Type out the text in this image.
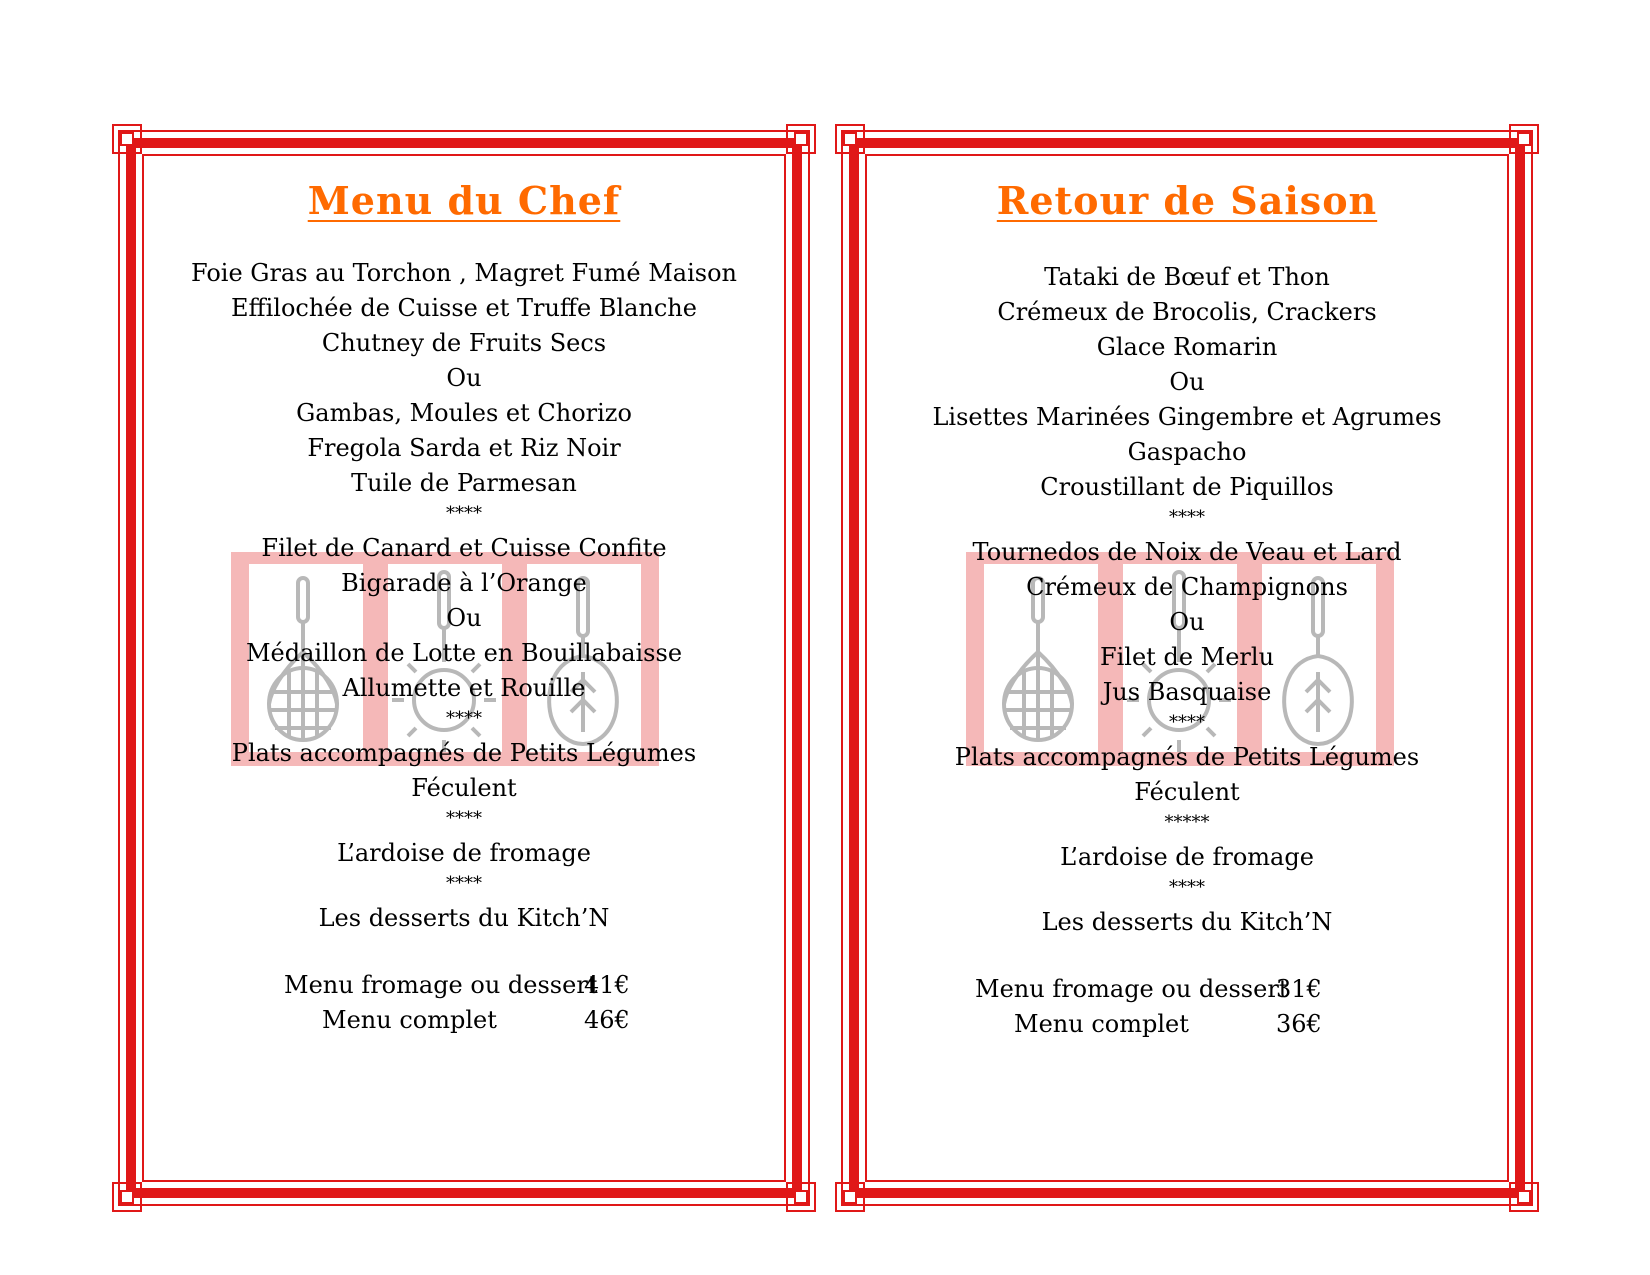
Menu du Chef
Foie Gras au Torchon , Magret Fumé Maison
Effilochée de Cuisse et Truffe Blanche
Chutney de Fruits Secs
Ou
Gambas, Moules et Chorizo
Fregola Sarda et Riz Noir
Tuile de Parmesan
****
Filet de Canard et Cuisse Confite
Bigarade à l’Orange
Ou
Médaillon de Lotte en Bouillabaisse
Allumette et Rouille
****
Plats accompagnés de Petits Légumes
Féculent
****
L’ardoise de fromage
****
Les desserts du Kitch’N
Menu fromage ou dessert
41€
Menu complet	46€
Retour de Saison
Tataki de Bœuf et Thon
Crémeux de Brocolis, Crackers
Glace Romarin
Ou
Lisettes Marinées Gingembre et Agrumes
Gaspacho
Croustillant de Piquillos
****
Tournedos de Noix de Veau et Lard
Crémeux de Champignons
Ou
Filet de Merlu
Jus Basquaise
****
Plats accompagnés de Petits Légumes
Féculent
*****
L’ardoise de fromage
****
Les desserts du Kitch’N
Menu fromage ou dessert
31€
Menu complet	36€
